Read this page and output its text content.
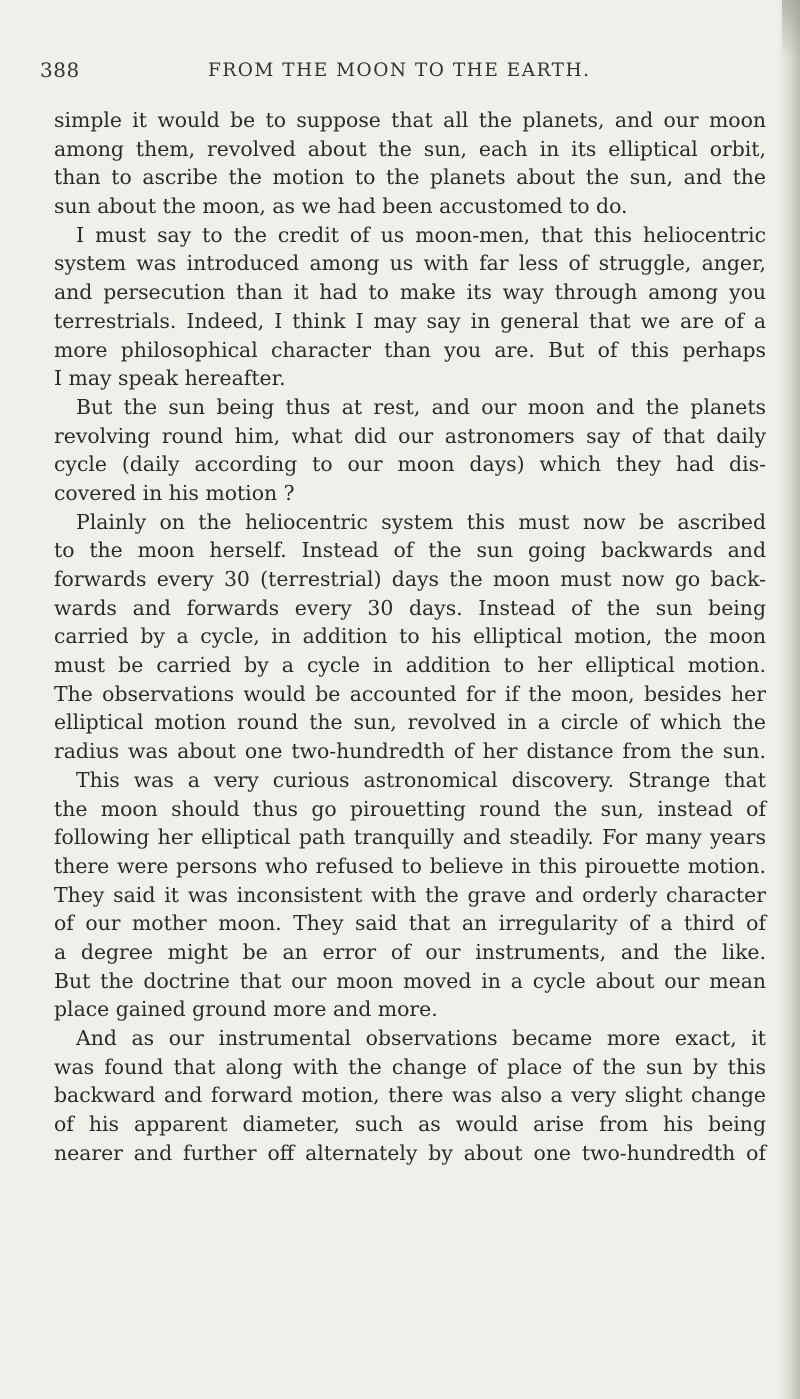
388	FROM THE MOON TO THE EARTH.
simple it would be to suppose that all the planets, and our moon
among them, revolved about the sun, each in its elliptical orbit,
than to ascribe the motion to the planets about the sun, and the
sun about the moon, as we had been accustomed to do.
I must say to the credit of us moon-men, that this heliocentric
system was introduced among us with far less of struggle, anger,
and persecution than it had to make its way through among you
terrestrials. Indeed, I think I may say in general that we are of a
more philosophical character than you are. But of this perhaps
I may speak hereafter.
But the sun being thus at rest, and our moon and the planets
revolving round him, what did our astronomers say of that daily
cycle (daily according to our moon days) which they had dis-
covered in his motion ?
Plainly on the heliocentric system this must now be ascribed
to the moon herself. Instead of the sun going backwards and
forwards every 30 (terrestrial) days the moon must now go back-
wards and forwards every 30 days. Instead of the sun being
carried by a cycle, in addition to his elliptical motion, the moon
must be carried by a cycle in addition to her elliptical motion.
The observations would be accounted for if the moon, besides her
elliptical motion round the sun, revolved in a circle of which the
radius was about one two-hundredth of her distance from the sun.
This was a very curious astronomical discovery. Strange that
the moon should thus go pirouetting round the sun, instead of
following her elliptical path tranquilly and steadily. For many years
there were persons who refused to believe in this pirouette motion.
They said it was inconsistent with the grave and orderly character
of our mother moon. They said that an irregularity of a third of
a degree might be an error of our instruments, and the like.
But the doctrine that our moon moved in a cycle about our mean
place gained ground more and more.
And as our instrumental observations became more exact, it
was found that along with the change of place of the sun by this
backward and forward motion, there was also a very slight change
of his apparent diameter, such as would arise from his being
nearer and further off alternately by about one two-hundredth of
